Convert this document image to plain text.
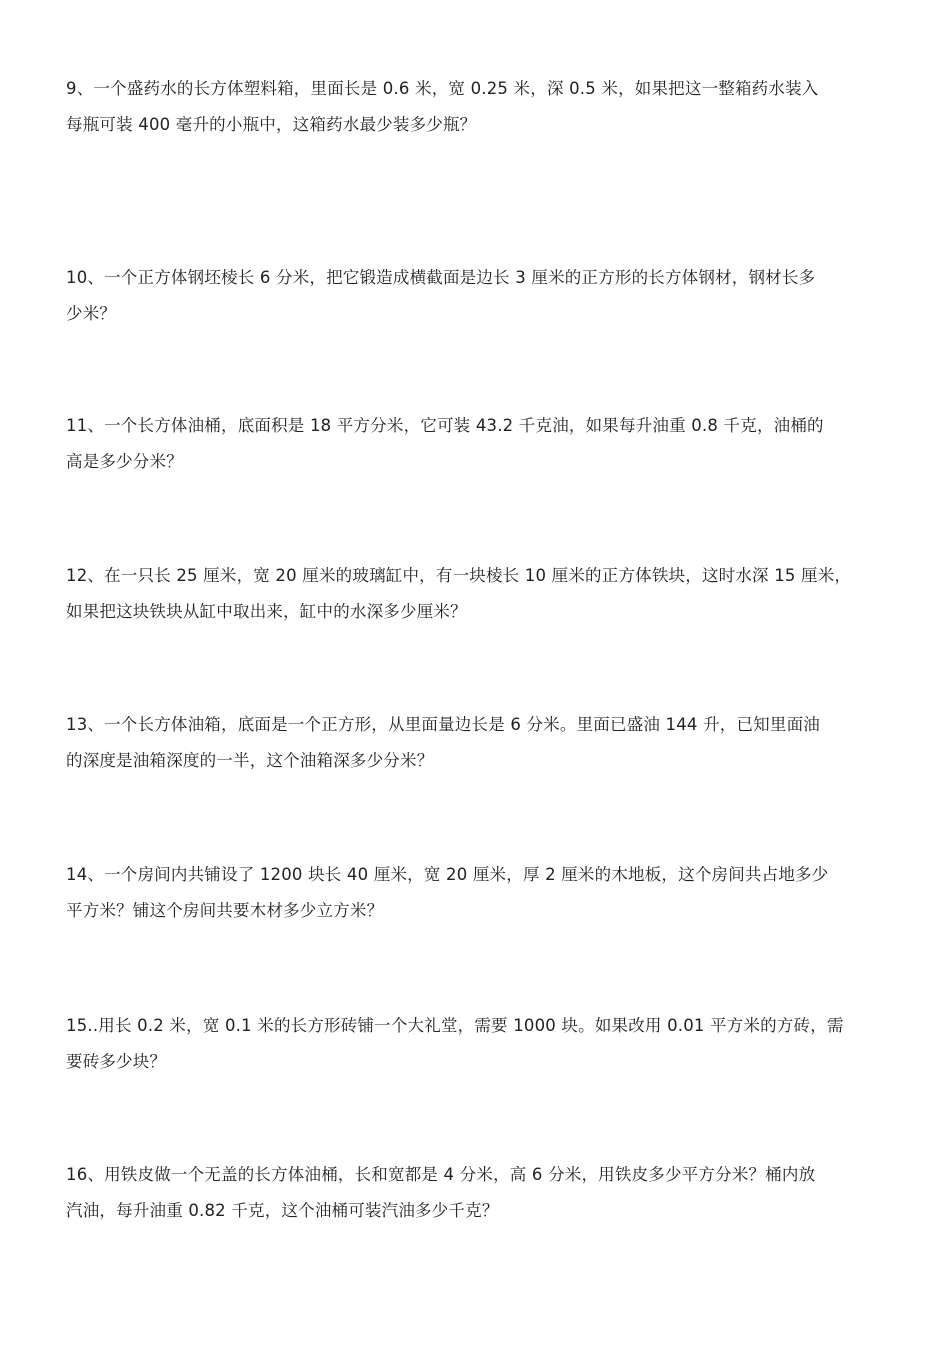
9、一个盛药水的长方体塑料箱，里面长是 0.6 米，宽 0.25 米，深 0.5 米，如果把这一整箱药水装入
每瓶可装 400 毫升的小瓶中，这箱药水最少装多少瓶？

10、一个正方体钢坯棱长 6 分米，把它锻造成横截面是边长 3 厘米的正方形的长方体钢材，钢材长多
少米？

11、一个长方体油桶，底面积是 18 平方分米，它可装 43.2 千克油，如果每升油重 0.8 千克，油桶的
高是多少分米？

12、在一只长 25 厘米，宽 20 厘米的玻璃缸中，有一块棱长 10 厘米的正方体铁块，这时水深 15 厘米，
如果把这块铁块从缸中取出来，缸中的水深多少厘米？

13、一个长方体油箱，底面是一个正方形，从里面量边长是 6 分米。里面已盛油 144 升，已知里面油
的深度是油箱深度的一半，这个油箱深多少分米？

14、一个房间内共铺设了 1200 块长 40 厘米，宽 20 厘米，厚 2 厘米的木地板，这个房间共占地多少
平方米？铺这个房间共要木材多少立方米？

15..用长 0.2 米，宽 0.1 米的长方形砖铺一个大礼堂，需要 1000 块。如果改用 0.01 平方米的方砖，需
要砖多少块？

16、用铁皮做一个无盖的长方体油桶，长和宽都是 4 分米，高 6 分米，用铁皮多少平方分米？桶内放
汽油，每升油重 0.82 千克，这个油桶可装汽油多少千克？
